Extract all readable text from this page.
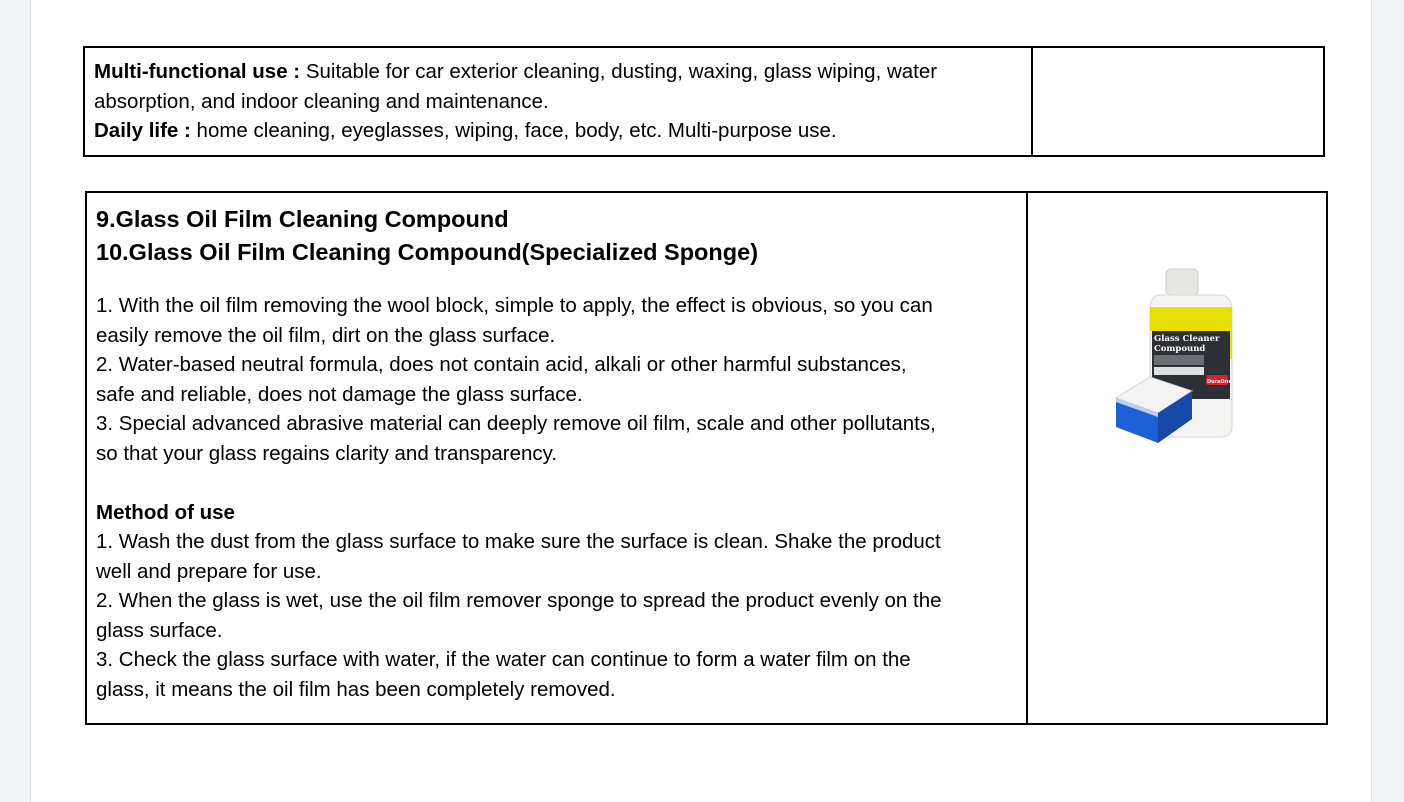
Multi-functional use : Suitable for car exterior cleaning, dusting, waxing, glass wiping, water
absorption, and indoor cleaning and maintenance.
Daily life : home cleaning, eyeglasses, wiping, face, body, etc. Multi-purpose use.

9.Glass Oil Film Cleaning Compound
10.Glass Oil Film Cleaning Compound(Specialized Sponge)
1. With the oil film removing the wool block, simple to apply, the effect is obvious, so you can
easily remove the oil film, dirt on the glass surface.
2. Water-based neutral formula, does not contain acid, alkali or other harmful substances,
safe and reliable, does not damage the glass surface.
3. Special advanced abrasive material can deeply remove oil film, scale and other pollutants,
so that your glass regains clarity and transparency.
Method of use
1. Wash the dust from the glass surface to make sure the surface is clean. Shake the product
well and prepare for use.
2. When the glass is wet, use the oil film remover sponge to spread the product evenly on the
glass surface.
3. Check the glass surface with water, if the water can continue to form a water film on the
glass, it means the oil film has been completely removed.

Glass Cleaner
Compound
DuraOne
